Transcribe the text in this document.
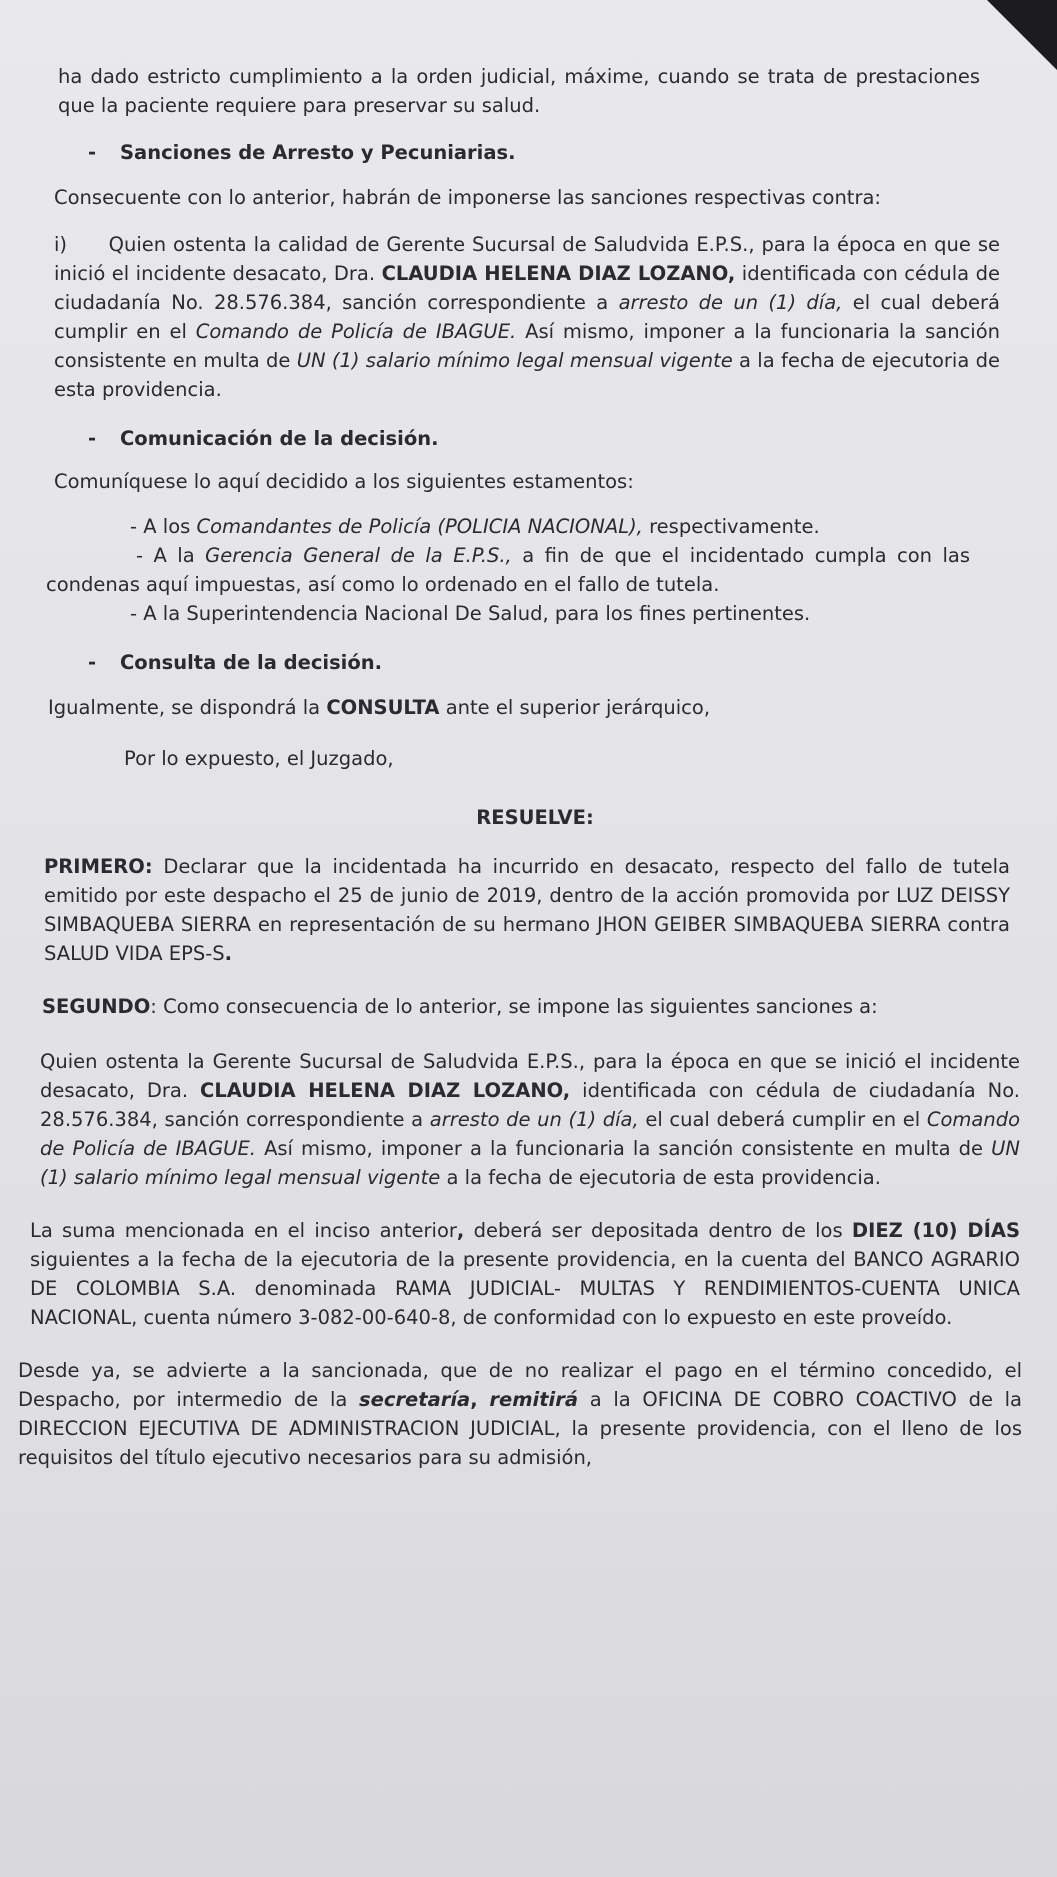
ha dado estricto cumplimiento a la orden judicial, máxime, cuando se trata de prestaciones que la paciente requiere para preservar su salud.

- Sanciones de Arresto y Pecuniarias.

Consecuente con lo anterior, habrán de imponerse las sanciones respectivas contra:

i) Quien ostenta la calidad de Gerente Sucursal de Saludvida E.P.S., para la época en que se inició el incidente desacato, Dra. CLAUDIA HELENA DIAZ LOZANO, identificada con cédula de ciudadanía No. 28.576.384, sanción correspondiente a arresto de un (1) día, el cual deberá cumplir en el Comando de Policía de IBAGUE. Así mismo, imponer a la funcionaria la sanción consistente en multa de UN (1) salario mínimo legal mensual vigente a la fecha de ejecutoria de esta providencia.

- Comunicación de la decisión.

Comuníquese lo aquí decidido a los siguientes estamentos:

- A los Comandantes de Policía (POLICIA NACIONAL), respectivamente.

- A la Gerencia General de la E.P.S., a fin de que el incidentado cumpla con las condenas aquí impuestas, así como lo ordenado en el fallo de tutela.

- A la Superintendencia Nacional De Salud, para los fines pertinentes.

- Consulta de la decisión.

Igualmente, se dispondrá la CONSULTA ante el superior jerárquico,

Por lo expuesto, el Juzgado,

RESUELVE:

PRIMERO: Declarar que la incidentada ha incurrido en desacato, respecto del fallo de tutela emitido por este despacho el 25 de junio de 2019, dentro de la acción promovida por LUZ DEISSY SIMBAQUEBA SIERRA en representación de su hermano JHON GEIBER SIMBAQUEBA SIERRA contra SALUD VIDA EPS-S.

SEGUNDO: Como consecuencia de lo anterior, se impone las siguientes sanciones a:

Quien ostenta la Gerente Sucursal de Saludvida E.P.S., para la época en que se inició el incidente desacato, Dra. CLAUDIA HELENA DIAZ LOZANO, identificada con cédula de ciudadanía No. 28.576.384, sanción correspondiente a arresto de un (1) día, el cual deberá cumplir en el Comando de Policía de IBAGUE. Así mismo, imponer a la funcionaria la sanción consistente en multa de UN (1) salario mínimo legal mensual vigente a la fecha de ejecutoria de esta providencia.

La suma mencionada en el inciso anterior, deberá ser depositada dentro de los DIEZ (10) DÍAS siguientes a la fecha de la ejecutoria de la presente providencia, en la cuenta del BANCO AGRARIO DE COLOMBIA S.A. denominada RAMA JUDICIAL- MULTAS Y RENDIMIENTOS-CUENTA UNICA NACIONAL, cuenta número 3-082-00-640-8, de conformidad con lo expuesto en este proveído.

Desde ya, se advierte a la sancionada, que de no realizar el pago en el término concedido, el Despacho, por intermedio de la secretaría, remitirá a la OFICINA DE COBRO COACTIVO de la DIRECCION EJECUTIVA DE ADMINISTRACION JUDICIAL, la presente providencia, con el lleno de los requisitos del título ejecutivo necesarios para su admisión,
